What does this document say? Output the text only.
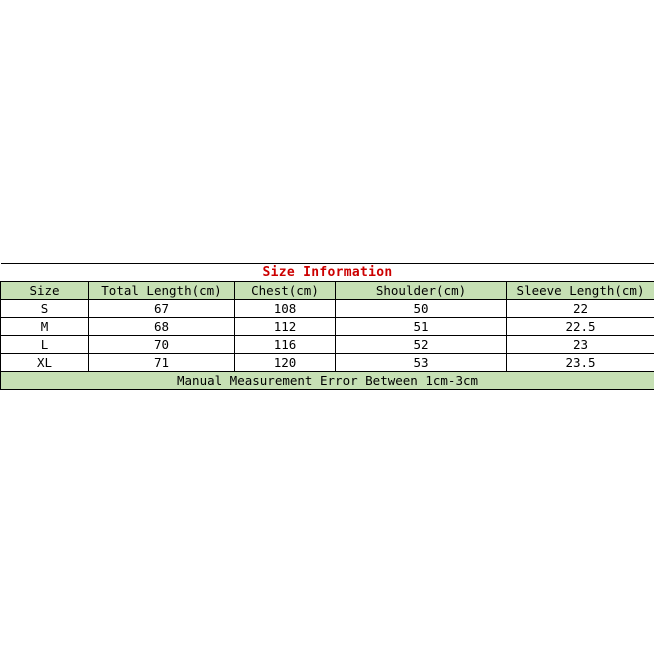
Size Information				
Size	Total Length(cm)	Chest(cm)	Shoulder(cm)	Sleeve Length(cm)
S	67	108	50	22
M	68	112	51	22.5
L	70	116	52	23
XL	71	120	53	23.5
Manual Measurement Error Between 1cm-3cm				
